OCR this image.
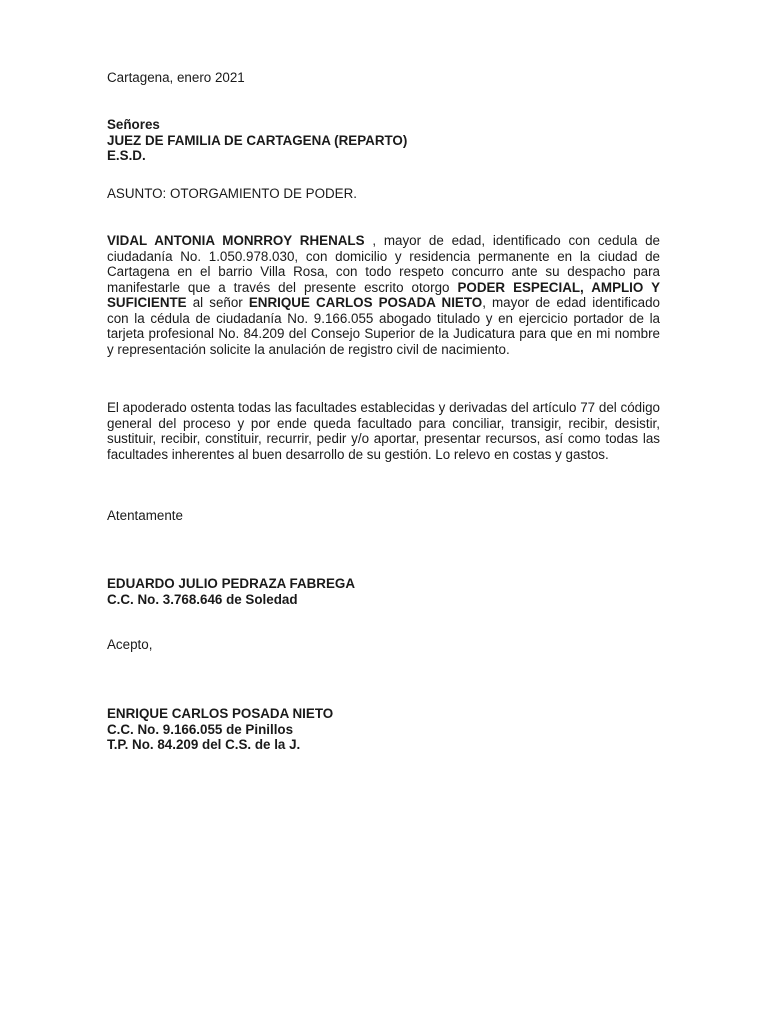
Cartagena, enero 2021

Señores

JUEZ DE FAMILIA DE CARTAGENA (REPARTO)

E.S.D.

ASUNTO: OTORGAMIENTO DE PODER.

VIDAL ANTONIA MONRROY RHENALS , mayor de edad, identificado con cedula de ciudadanía No. 1.050.978.030, con domicilio y residencia permanente en la ciudad de Cartagena en el barrio Villa Rosa, con todo respeto concurro ante su despacho para manifestarle que a través del presente escrito otorgo PODER ESPECIAL, AMPLIO Y SUFICIENTE al señor ENRIQUE CARLOS POSADA NIETO, mayor de edad identificado con la cédula de ciudadanía No. 9.166.055 abogado titulado y en ejercicio portador de la tarjeta profesional No. 84.209 del Consejo Superior de la Judicatura para que en mi nombre y representación solicite la anulación de registro civil de nacimiento.

El apoderado ostenta todas las facultades establecidas y derivadas del artículo 77 del código general del proceso y por ende queda facultado para conciliar, transigir, recibir, desistir, sustituir, recibir, constituir, recurrir, pedir y/o aportar, presentar recursos, así como todas las facultades inherentes al buen desarrollo de su gestión. Lo relevo en costas y gastos.

Atentamente

EDUARDO JULIO PEDRAZA FABREGA

C.C. No. 3.768.646 de Soledad

Acepto,

ENRIQUE CARLOS POSADA NIETO

C.C. No. 9.166.055 de Pinillos

T.P. No. 84.209 del C.S. de la J.
